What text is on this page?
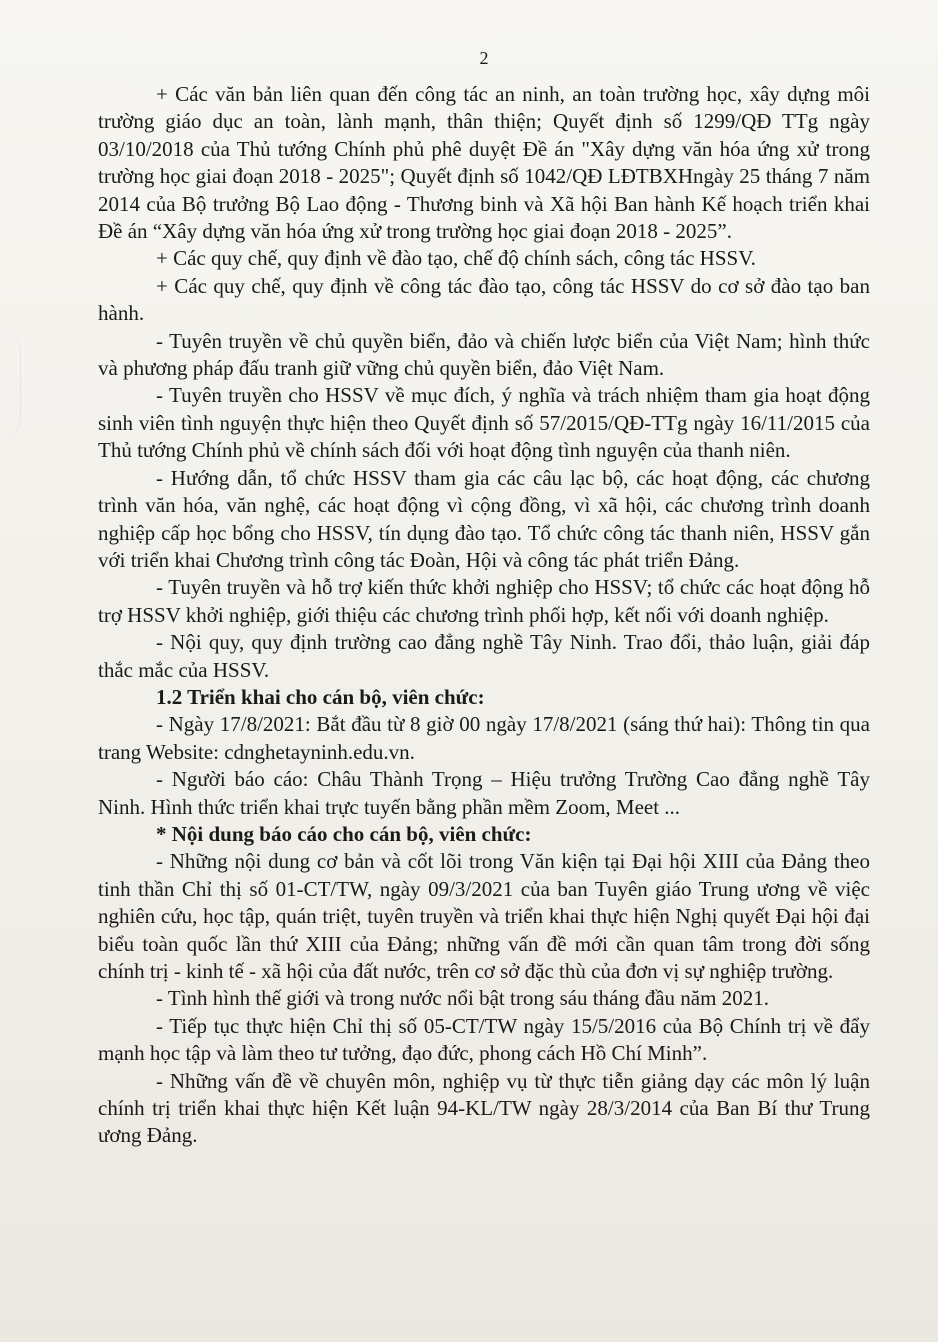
2

+ Các văn bản liên quan đến công tác an ninh, an toàn trường học, xây dựng môi trường giáo dục an toàn, lành mạnh, thân thiện; Quyết định số 1299/QĐ TTg ngày 03/10/2018 của Thủ tướng Chính phủ phê duyệt Đề án "Xây dựng văn hóa ứng xử trong trường học giai đoạn 2018 - 2025"; Quyết định số 1042/QĐ LĐTBXHngày 25 tháng 7 năm 2014 của Bộ trưởng Bộ Lao động - Thương binh và Xã hội Ban hành Kế hoạch triển khai Đề án “Xây dựng văn hóa ứng xử trong trường học giai đoạn 2018 - 2025”.

+ Các quy chế, quy định về đào tạo, chế độ chính sách, công tác HSSV.

+ Các quy chế, quy định về công tác đào tạo, công tác HSSV do cơ sở đào tạo ban hành.

- Tuyên truyền về chủ quyền biển, đảo và chiến lược biển của Việt Nam; hình thức và phương pháp đấu tranh giữ vững chủ quyền biển, đảo Việt Nam.

- Tuyên truyền cho HSSV về mục đích, ý nghĩa và trách nhiệm tham gia hoạt động sinh viên tình nguyện thực hiện theo Quyết định số 57/2015/QĐ-TTg ngày 16/11/2015 của Thủ tướng Chính phủ về chính sách đối với hoạt động tình nguyện của thanh niên.

- Hướng dẫn, tổ chức HSSV tham gia các câu lạc bộ, các hoạt động, các chương trình văn hóa, văn nghệ, các hoạt động vì cộng đồng, vì xã hội, các chương trình doanh nghiệp cấp học bổng cho HSSV, tín dụng đào tạo. Tổ chức công tác thanh niên, HSSV gắn với triển khai Chương trình công tác Đoàn, Hội và công tác phát triển Đảng.

- Tuyên truyền và hỗ trợ kiến thức khởi nghiệp cho HSSV; tổ chức các hoạt động hỗ trợ HSSV khởi nghiệp, giới thiệu các chương trình phối hợp, kết nối với doanh nghiệp.

- Nội quy, quy định trường cao đẳng nghề Tây Ninh. Trao đổi, thảo luận, giải đáp thắc mắc của HSSV.

1.2 Triển khai cho cán bộ, viên chức:

- Ngày 17/8/2021: Bắt đầu từ 8 giờ 00 ngày 17/8/2021 (sáng thứ hai): Thông tin qua trang Website: cdnghetayninh.edu.vn.

- Người báo cáo: Châu Thành Trọng – Hiệu trưởng Trường Cao đẳng nghề Tây Ninh. Hình thức triển khai trực tuyến bằng phần mềm Zoom, Meet ...

* Nội dung báo cáo cho cán bộ, viên chức:

- Những nội dung cơ bản và cốt lõi trong Văn kiện tại Đại hội XIII của Đảng theo tinh thần Chỉ thị số 01-CT/TW, ngày 09/3/2021 của ban Tuyên giáo Trung ương về việc nghiên cứu, học tập, quán triệt, tuyên truyền và triển khai thực hiện Nghị quyết Đại hội đại biểu toàn quốc lần thứ XIII của Đảng; những vấn đề mới cần quan tâm trong đời sống chính trị - kinh tế - xã hội của đất nước, trên cơ sở đặc thù của đơn vị sự nghiệp trường.

- Tình hình thế giới và trong nước nổi bật trong sáu tháng đầu năm 2021.

- Tiếp tục thực hiện Chỉ thị số 05-CT/TW ngày 15/5/2016 của Bộ Chính trị về đẩy mạnh học tập và làm theo tư tưởng, đạo đức, phong cách Hồ Chí Minh”.

- Những vấn đề về chuyên môn, nghiệp vụ từ thực tiễn giảng dạy các môn lý luận chính trị triển khai thực hiện Kết luận 94-KL/TW ngày 28/3/2014 của Ban Bí thư Trung ương Đảng.
